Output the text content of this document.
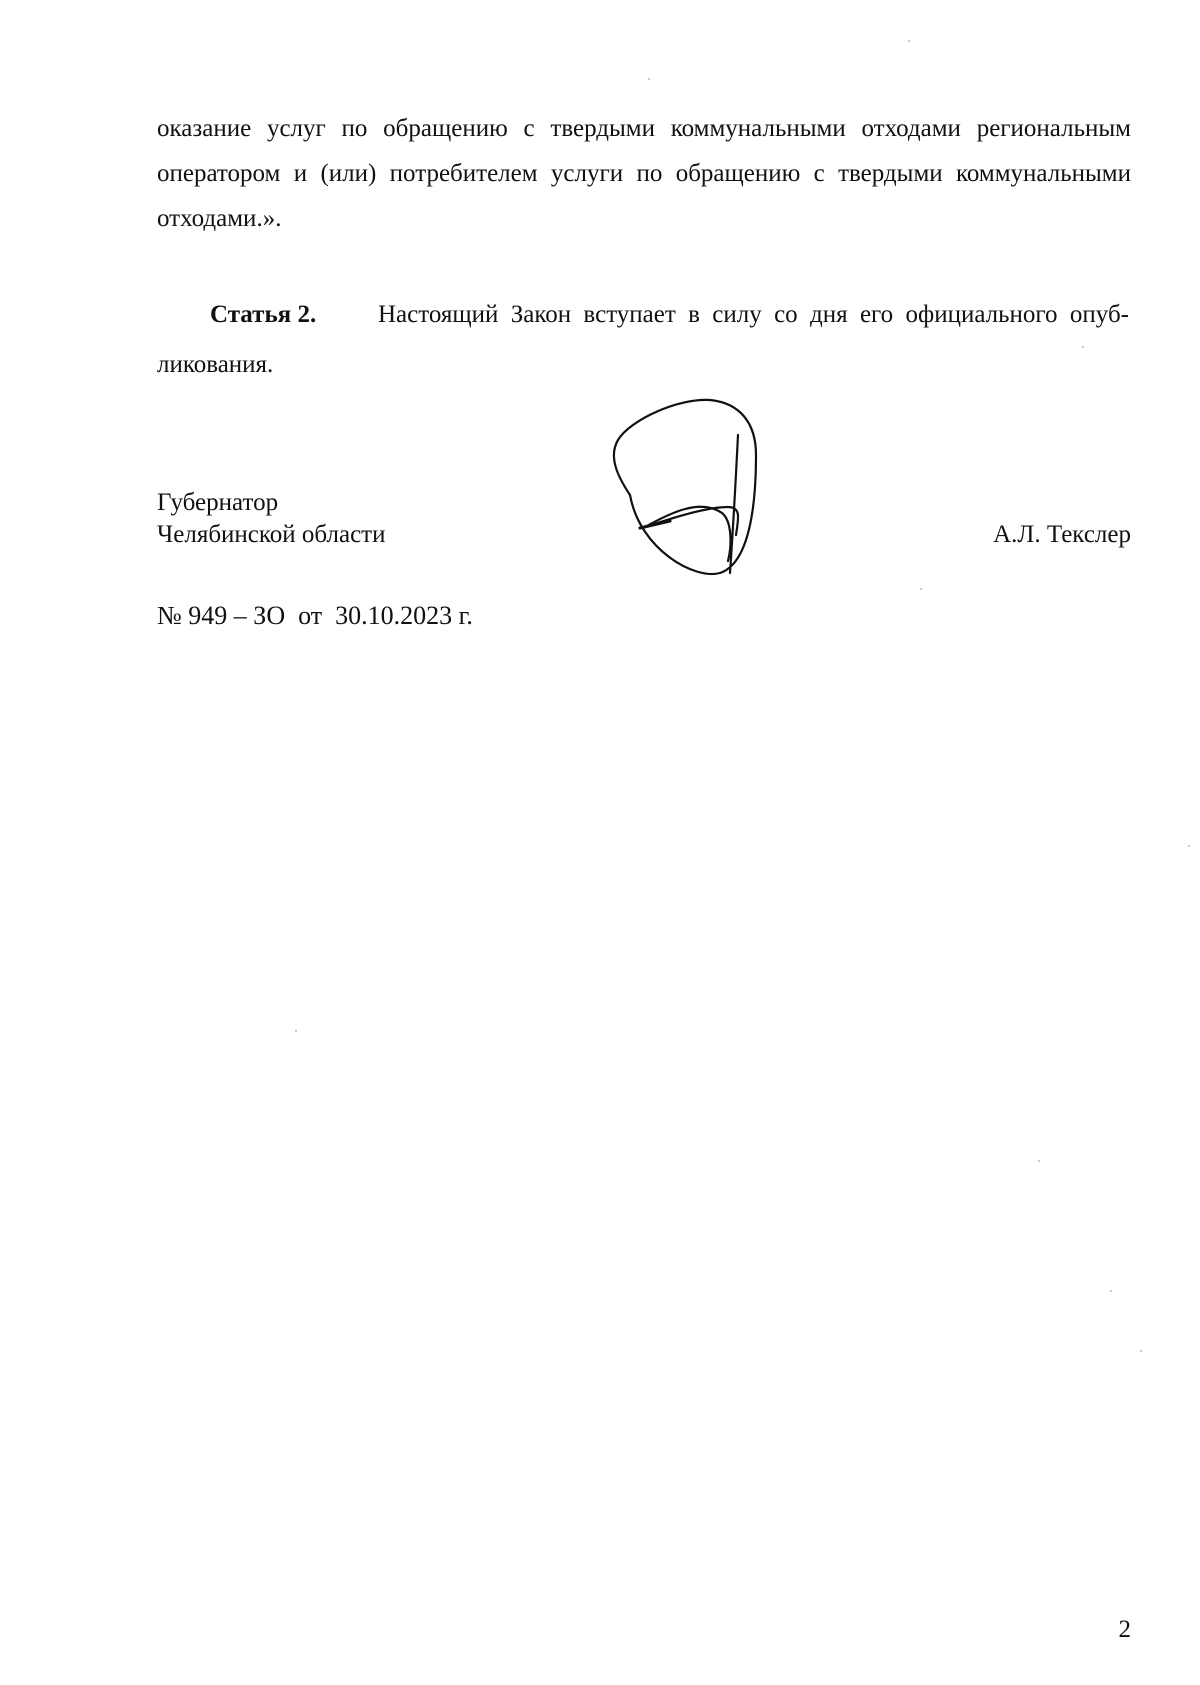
оказание услуг по обращению с твердыми коммунальными отходами региональным
оператором и (или) потребителем услуги по обращению с твердыми коммунальными
отходами.».
Статья 2. Настоящий Закон вступает в силу со дня его официального опуб-
ликования.
Губернатор
Челябинской области	А.Л. Текслер
№ 949 – ЗО  от  30.10.2023 г.
2
